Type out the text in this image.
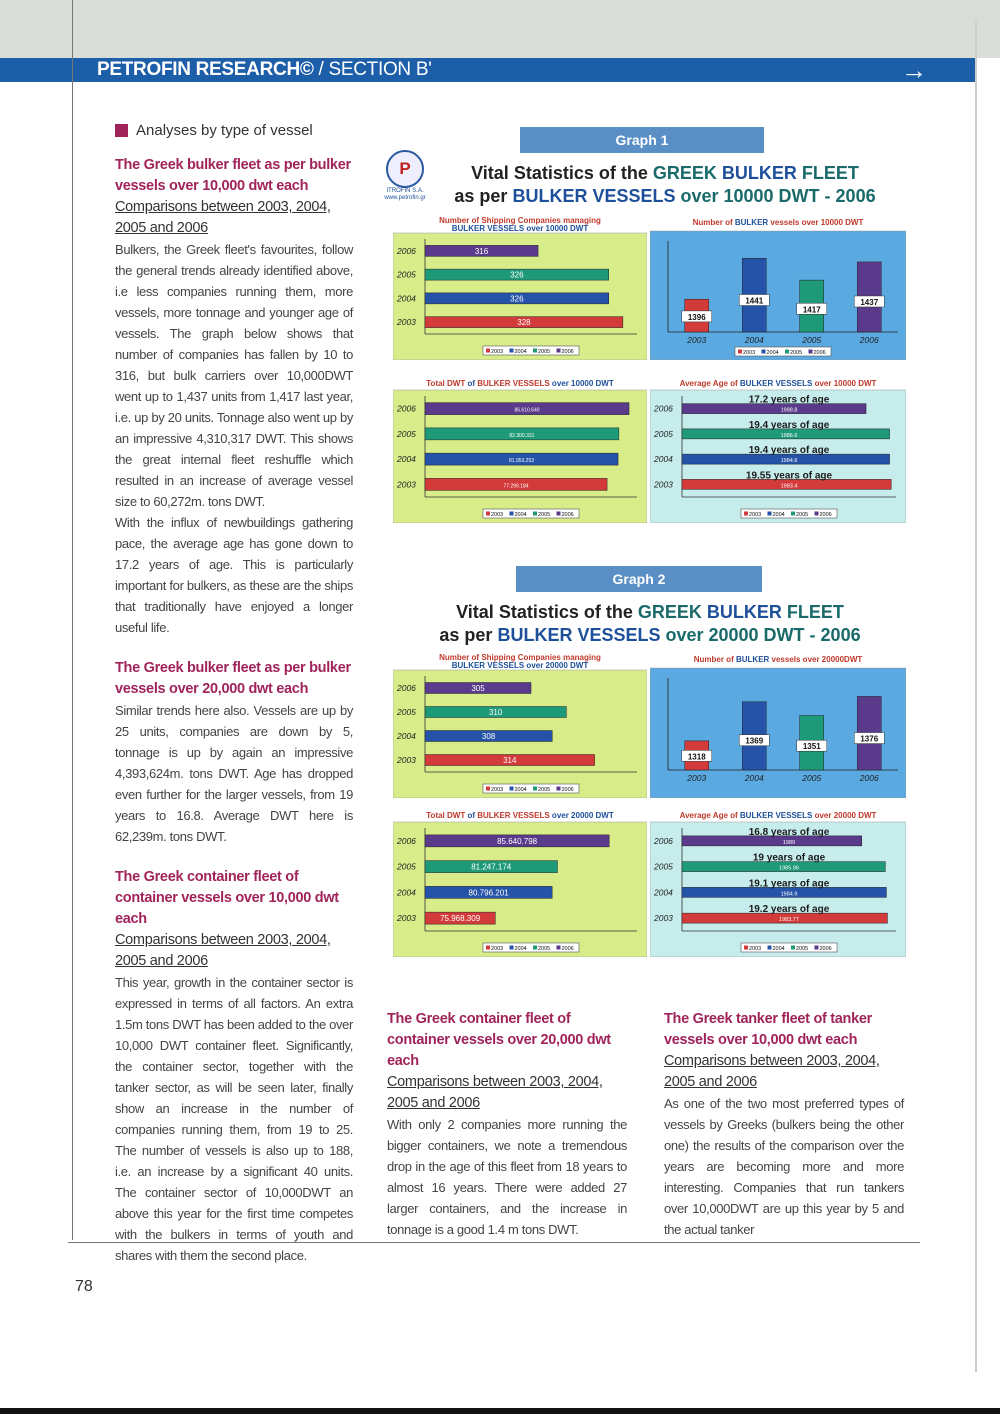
PETROFIN RESEARCH© / SECTION B'	→
78
Analyses by type of vessel
The Greek bulker fleet as per bulker vessels over 10,000 dwt each
Comparisons between 2003, 2004, 2005 and 2006
Bulkers, the Greek fleet's favourites, follow the general trends already identified above, i.e less companies running them, more vessels, more tonnage and younger age of vessels. The graph below shows that number of companies has fallen by 10 to 316, but bulk carriers over 10,000DWT went up to 1,437 units from 1,417 last year, i.e. up by 20 units. Tonnage also went up by an impressive 4,310,317 DWT. This shows the great internal fleet reshuffle which resulted in an increase of average vessel size to 60,272m. tons DWT.
With the influx of newbuildings gathering pace, the average age has gone down to 17.2 years of age. This is particularly important for bulkers, as these are the ships that traditionally have enjoyed a longer useful life.
The Greek bulker fleet as per bulker vessels over 20,000 dwt each
Similar trends here also. Vessels are up by 25 units, companies are down by 5, tonnage is up by again an impressive 4,393,624m. tons DWT. Age has dropped even further for the larger vessels, from 19 years to 16.8. Average DWT here is 62,239m. tons DWT.
The Greek container fleet of container vessels over 10,000 dwt each
Comparisons between 2003, 2004, 2005 and 2006
This year, growth in the container sector is expressed in terms of all factors. An extra 1.5m tons DWT has been added to the over 10,000 DWT container fleet. Significantly, the container sector, together with the tanker sector, as will be seen later, finally show an increase in the number of companies running them, from 19 to 25. The number of vessels is also up to 188, i.e. an increase by a significant 40 units. The container sector of 10,000DWT an above this year for the first time competes with the bulkers in terms of youth and shares with them the second place.
Graph 1
P
ITROFIN S.A.
www.petrofin.gr
Vital Statistics of the GREEK BULKER FLEET
as per BULKER VESSELS over 10000 DWT - 2006
Graph 2
Vital Statistics of the GREEK BULKER FLEET
as per BULKER VESSELS over 20000 DWT - 2006
Number of Shipping Companies managing
BULKER VESSELS over 10000 DWT
2006	316
2005	326
2004	326
2003	328
2003 2004 2005 2006
Number of BULKER vessels over 10000 DWT
1396
2003
1441
2004
1417
2005
1437
2006
2003 2004 2005 2006
Total DWT of BULKER VESSELS over 10000 DWT
2006	86.610.640
2005	82.300.331
2004	81.953.253
2003	77.299.184
2003 2004 2005 2006
Average Age of BULKER VESSELS over 10000 DWT
2006
17.2 years of age
1988.8
2005
19.4 years of age
1986.6
2004
19.4 years of age
1984.6
2003
19.55 years of age
1983.4
2003 2004 2005 2006
Number of Shipping Companies managing
BULKER VESSELS over 20000 DWT
2006	305
2005	310
2004	308
2003	314
2003 2004 2005 2006
Number of BULKER vessels over 20000DWT
1318
2003
1369
2004
1351
2005
1376
2006
Total DWT of BULKER VESSELS over 20000 DWT
2006	85.640.798
2005	81.247.174
2004	80.796.201
2003	75.968.309
2003 2004 2005 2006
Average Age of BULKER VESSELS over 20000 DWT
2006
16.8 years of age
1989
2005
19 years of age
1985.96
2004
19.1 years of age
1984.9
2003
19.2 years of age
1983.77
2003 2004 2005 2006
The Greek container fleet of container vessels over 20,000 dwt each
Comparisons between 2003, 2004, 2005 and 2006
With only 2 companies more running the bigger containers, we note a tremendous drop in the age of this fleet from 18 years to almost 16 years. There were added 27 larger containers, and the increase in tonnage is a good 1.4 m tons DWT.
The Greek tanker fleet of tanker vessels over 10,000 dwt each
Comparisons between 2003, 2004, 2005 and 2006
As one of the two most preferred types of vessels by Greeks (bulkers being the other one) the results of the comparison over the years are becoming more and more interesting. Companies that run tankers over 10,000DWT are up this year by 5 and the actual tanker
